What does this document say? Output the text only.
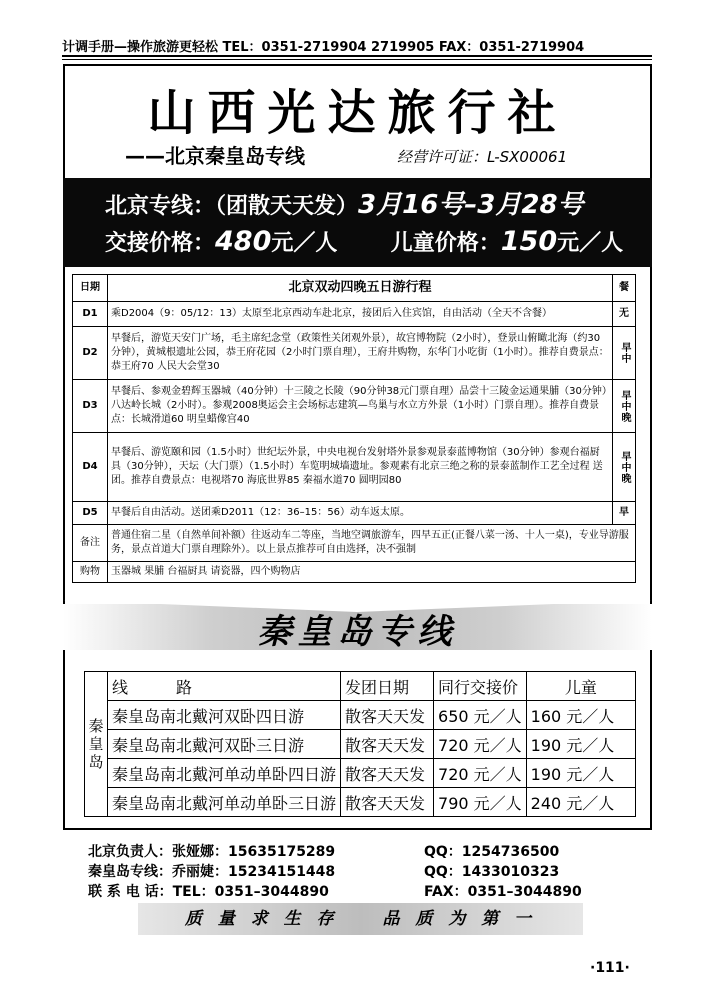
计调手册—操作旅游更轻松 TEL：0351-2719904 2719905 FAX：0351-2719904
山西光达旅行社
——北京秦皇岛专线	经营许可证：L-SX00061
北京专线：（团散天天发）3月16号–3月28号
交接价格：480元／人 儿童价格：150元／人
日期	北京双动四晚五日游行程	餐
D1	乘D2004（9：05/12：13）太原至北京西动车赴北京，接团后入住宾馆，自由活动（全天不含餐）	无
D2	早餐后，游览天安门广场，毛主席纪念堂（政策性关闭观外景），故宫博物院（2小时），登景山俯瞰北海（约30分钟），黄城根遗址公园，恭王府花园（2小时门票自理），王府井购物，东华门小吃街（1小时）。推荐自费景点：恭王府70 人民大会堂30	早中
D3	早餐后、参观金碧辉玉器城（40分钟）十三陵之长陵（90分钟38元门票自理）品尝十三陵金运通果脯（30分钟）八达岭长城（2小时）。参观2008奥运会主会场标志建筑—鸟巢与水立方外景（1小时）门票自理）。推荐自费景点：长城滑道60 明皇蜡像宫40	早中晚
D4	早餐后、游览颐和园（1.5小时）世纪坛外景，中央电视台发射塔外景参观景泰蓝博物馆（30分钟）参观台福厨具（30分钟），天坛（大门票）（1.5小时）车览明城墙遗址。参观素有北京三绝之称的景泰蓝制作工艺全过程 送团。推荐自费景点：电视塔70 海底世界85 秦福水道70 圆明园80	早中晚
D5	早餐后自由活动。送团乘D2011（12：36–15：56）动车返太原。	早
备注	普通住宿二星（自然单间补额）往返动车二等座，当地空调旅游车，四早五正(正餐八菜一汤、十人一桌)，专业导游服务，景点首道大门票自理除外）。以上景点推荐可自由选择，决不强制	
购物	玉器城 果脯 台福厨具 请瓷器，四个购物店	
秦皇岛专线
秦皇岛	线　　　路	发团日期	同行交接价	儿童
	秦皇岛南北戴河双卧四日游	散客天天发	650 元／人	160 元／人
	秦皇岛南北戴河双卧三日游	散客天天发	720 元／人	190 元／人
	秦皇岛南北戴河单动单卧四日游	散客天天发	720 元／人	190 元／人
	秦皇岛南北戴河单动单卧三日游	散客天天发	790 元／人	240 元／人
北京负责人：张娅娜：15635175289	QQ：1254736500
秦皇岛专线：乔丽婕：15234151448	QQ：1433010323
联 系 电 话：TEL：0351–3044890	FAX：0351–3044890
质 量 求 生 存　　品 质 为 第 一
·111·
